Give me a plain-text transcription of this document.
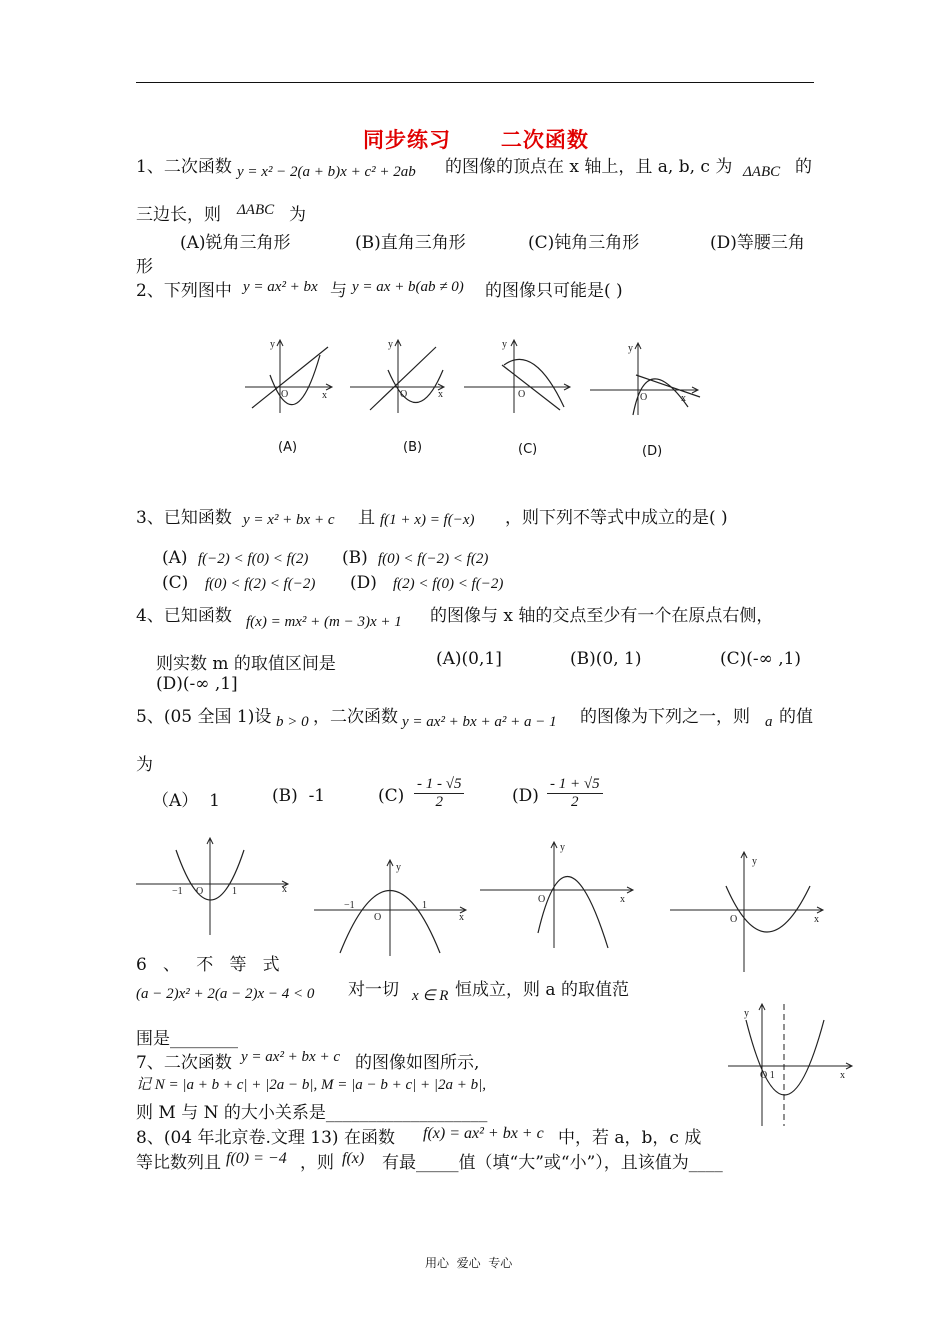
同步练习      二次函数
1、二次函数 y = x² − 2(a + b)x + c² + 2ab 的图像的顶点在 x 轴上，且 a, b, c 为 ΔABC 的
三边长，则 ΔABC 为
(A)锐角三角形	(B)直角三角形	(C)钝角三角形	(D)等腰三角
形
2、下列图中 y = ax² + bx 与 y = ax + b(ab ≠ 0) 的图像只可能是( )
y
x
O
(A)
y
x
O
(B)
y
O
(C)
y
O	x
(D)
3、已知函数 y = x² + bx + c 且 f(1 + x) = f(−x) ，则下列不等式中成立的是( )
(A) f(−2) < f(0) < f(2) (B) f(0) < f(−2) < f(2)
(C) f(0) < f(2) < f(−2) (D) f(2) < f(0) < f(−2)
4、已知函数 f(x) = mx² + (m − 3)x + 1 的图像与 x 轴的交点至少有一个在原点右侧，
则实数 m 的取值区间是	(A)(0,1]	(B)(0, 1)	(C)(-∞ ,1)
(D)(-∞ ,1]
5、(05 全国 1)设 b > 0 ，二次函数 y = ax² + bx + a² + a − 1 的图像为下列之一，则 a 的值
为
（A）  1	(B)  -1	$(C) \frac{- 1 - √5}{2}$	$(D) \frac{- 1 + √5}{2}$
−1 O	1	x
y
−1
O
1
x
y
O	x
y
O	x
6   、   不   等   式
(a − 2)x² + 2(a − 2)x − 4 < 0 对一切 x ∈ R 恒成立，则 a 的取值范
围是________
7、二次函数 y = ax² + bx + c 的图像如图所示,
记 N = |a + b + c| + |2a − b|, M = |a − b + c| + |2a + b|,
则 M 与 N 的大小关系是___________________
y
O 1	x
8、(04 年北京卷.文理 13) 在函数 f(x) = ax² + bx + c 中，若 a，b，c 成
等比数列且 f(0) = −4 ，则 f(x) 有最_____值（填“大”或“小”），且该值为____
用心  爱心  专心
